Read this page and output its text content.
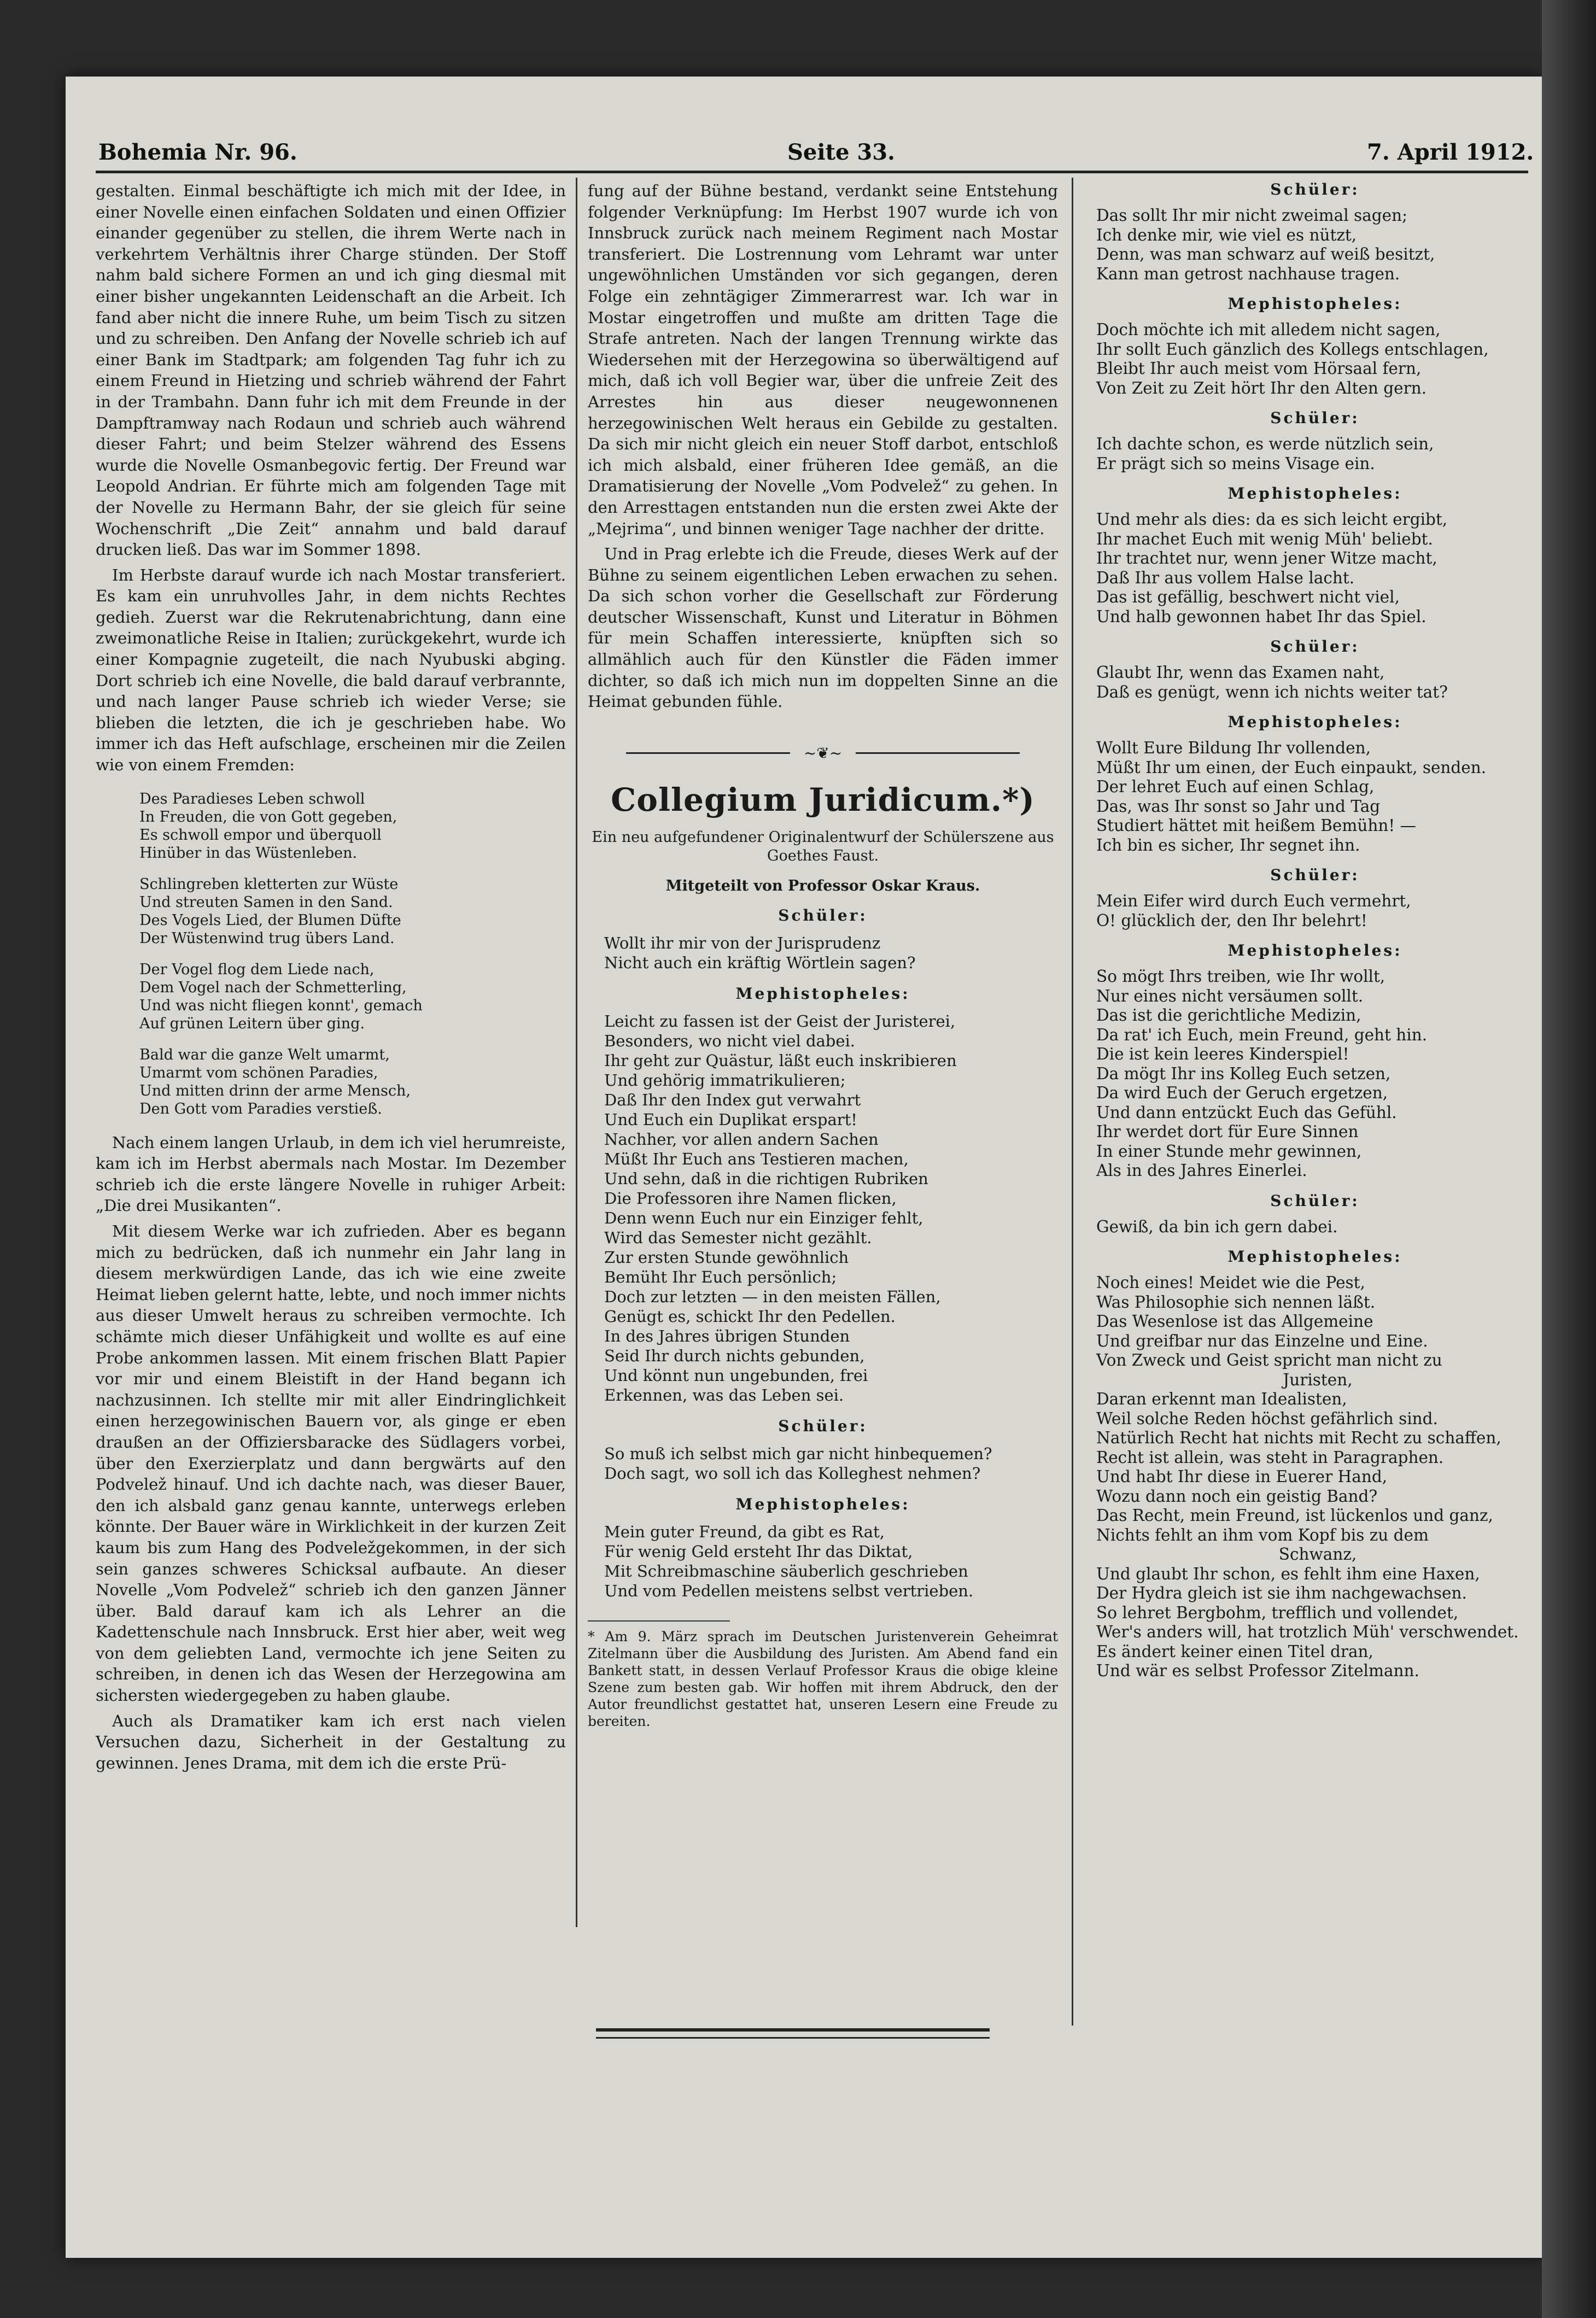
Bohemia Nr. 96.	Seite 33.	7. April 1912.

gestalten. Einmal beschäftigte ich mich mit der Idee, in einer Novelle einen einfachen Soldaten und einen Offizier einander gegenüber zu stellen, die ihrem Werte nach in verkehrtem Verhältnis ihrer Charge stünden. Der Stoff nahm bald sichere Formen an und ich ging diesmal mit einer bisher ungekannten Leidenschaft an die Arbeit. Ich fand aber nicht die innere Ruhe, um beim Tisch zu sitzen und zu schreiben. Den Anfang der Novelle schrieb ich auf einer Bank im Stadtpark; am folgenden Tag fuhr ich zu einem Freund in Hietzing und schrieb während der Fahrt in der Trambahn. Dann fuhr ich mit dem Freunde in der Dampftramway nach Rodaun und schrieb auch während dieser Fahrt; und beim Stelzer während des Essens wurde die Novelle Osmanbegovic fertig. Der Freund war Leopold Andrian. Er führte mich am folgenden Tage mit der Novelle zu Hermann Bahr, der sie gleich für seine Wochenschrift „Die Zeit“ annahm und bald darauf drucken ließ. Das war im Sommer 1898.

Im Herbste darauf wurde ich nach Mostar transferiert. Es kam ein unruhvolles Jahr, in dem nichts Rechtes gedieh. Zuerst war die Rekrutenabrichtung, dann eine zweimonatliche Reise in Italien; zurückgekehrt, wurde ich einer Kompagnie zugeteilt, die nach Nyubuski abging. Dort schrieb ich eine Novelle, die bald darauf verbrannte, und nach langer Pause schrieb ich wieder Verse; sie blieben die letzten, die ich je geschrieben habe. Wo immer ich das Heft aufschlage, erscheinen mir die Zeilen wie von einem Fremden:

Des Paradieses Leben schwoll
In Freuden, die von Gott gegeben,
Es schwoll empor und überquoll
Hinüber in das Wüstenleben.
Schlingreben kletterten zur Wüste
Und streuten Samen in den Sand.
Des Vogels Lied, der Blumen Düfte
Der Wüstenwind trug übers Land.
Der Vogel flog dem Liede nach,
Dem Vogel nach der Schmetterling,
Und was nicht fliegen konnt', gemach
Auf grünen Leitern über ging.
Bald war die ganze Welt umarmt,
Umarmt vom schönen Paradies,
Und mitten drinn der arme Mensch,
Den Gott vom Paradies verstieß.

Nach einem langen Urlaub, in dem ich viel herumreiste, kam ich im Herbst abermals nach Mostar. Im Dezember schrieb ich die erste längere Novelle in ruhiger Arbeit: „Die drei Musikanten“.

Mit diesem Werke war ich zufrieden. Aber es begann mich zu bedrücken, daß ich nunmehr ein Jahr lang in diesem merkwürdigen Lande, das ich wie eine zweite Heimat lieben gelernt hatte, lebte, und noch immer nichts aus dieser Umwelt heraus zu schreiben vermochte. Ich schämte mich dieser Unfähigkeit und wollte es auf eine Probe ankommen lassen. Mit einem frischen Blatt Papier vor mir und einem Bleistift in der Hand begann ich nachzusinnen. Ich stellte mir mit aller Eindringlichkeit einen herzegowinischen Bauern vor, als ginge er eben draußen an der Offiziersbaracke des Südlagers vorbei, über den Exerzierplatz und dann bergwärts auf den Podvelež hinauf. Und ich dachte nach, was dieser Bauer, den ich alsbald ganz genau kannte, unterwegs erleben könnte. Der Bauer wäre in Wirklichkeit in der kurzen Zeit kaum bis zum Hang des Podveležgekommen, in der sich sein ganzes schweres Schicksal aufbaute. An dieser Novelle „Vom Podvelež“ schrieb ich den ganzen Jänner über. Bald darauf kam ich als Lehrer an die Kadettenschule nach Innsbruck. Erst hier aber, weit weg von dem geliebten Land, vermochte ich jene Seiten zu schreiben, in denen ich das Wesen der Herzegowina am sichersten wiedergegeben zu haben glaube.

Auch als Dramatiker kam ich erst nach vielen Versuchen dazu, Sicherheit in der Gestaltung zu gewinnen. Jenes Drama, mit dem ich die erste Prü-

fung auf der Bühne bestand, verdankt seine Entstehung folgender Verknüpfung: Im Herbst 1907 wurde ich von Innsbruck zurück nach meinem Regiment nach Mostar transferiert. Die Lostrennung vom Lehramt war unter ungewöhnlichen Umständen vor sich gegangen, deren Folge ein zehntägiger Zimmerarrest war. Ich war in Mostar eingetroffen und mußte am dritten Tage die Strafe antreten. Nach der langen Trennung wirkte das Wiedersehen mit der Herzegowina so überwältigend auf mich, daß ich voll Begier war, über die unfreie Zeit des Arrestes hin aus dieser neugewonnenen herzegowinischen Welt heraus ein Gebilde zu gestalten. Da sich mir nicht gleich ein neuer Stoff darbot, entschloß ich mich alsbald, einer früheren Idee gemäß, an die Dramatisierung der Novelle „Vom Podvelež“ zu gehen. In den Arresttagen entstanden nun die ersten zwei Akte der „Mejrima“, und binnen weniger Tage nachher der dritte.

Und in Prag erlebte ich die Freude, dieses Werk auf der Bühne zu seinem eigentlichen Leben erwachen zu sehen. Da sich schon vorher die Gesellschaft zur Förderung deutscher Wissenschaft, Kunst und Literatur in Böhmen für mein Schaffen interessierte, knüpften sich so allmählich auch für den Künstler die Fäden immer dichter, so daß ich mich nun im doppelten Sinne an die Heimat gebunden fühle.

~❦~
Collegium Juridicum.*)

Ein neu aufgefundener Originalentwurf der Schülerszene aus Goethes Faust.

Mitgeteilt von Professor Oskar Kraus.
Schüler:
Wollt ihr mir von der Jurisprudenz
Nicht auch ein kräftig Wörtlein sagen?
Mephistopheles:
Leicht zu fassen ist der Geist der Juristerei,
Besonders, wo nicht viel dabei.
Ihr geht zur Quästur, läßt euch inskribieren
Und gehörig immatrikulieren;
Daß Ihr den Index gut verwahrt
Und Euch ein Duplikat erspart!
Nachher, vor allen andern Sachen
Müßt Ihr Euch ans Testieren machen,
Und sehn, daß in die richtigen Rubriken
Die Professoren ihre Namen flicken,
Denn wenn Euch nur ein Einziger fehlt,
Wird das Semester nicht gezählt.
Zur ersten Stunde gewöhnlich
Bemüht Ihr Euch persönlich;
Doch zur letzten — in den meisten Fällen,
Genügt es, schickt Ihr den Pedellen.
In des Jahres übrigen Stunden
Seid Ihr durch nichts gebunden,
Und könnt nun ungebunden, frei
Erkennen, was das Leben sei.
Schüler:
So muß ich selbst mich gar nicht hinbequemen?
Doch sagt, wo soll ich das Kolleghest nehmen?
Mephistopheles:
Mein guter Freund, da gibt es Rat,
Für wenig Geld ersteht Ihr das Diktat,
Mit Schreibmaschine säuberlich geschrieben
Und vom Pedellen meistens selbst vertrieben.

* Am 9. März sprach im Deutschen Juristenverein Geheimrat Zitelmann über die Ausbildung des Juristen. Am Abend fand ein Bankett statt, in dessen Verlauf Professor Kraus die obige kleine Szene zum besten gab. Wir hoffen mit ihrem Abdruck, den der Autor freundlichst gestattet hat, unseren Lesern eine Freude zu bereiten.

Schüler:
Das sollt Ihr mir nicht zweimal sagen;
Ich denke mir, wie viel es nützt,
Denn, was man schwarz auf weiß besitzt,
Kann man getrost nachhause tragen.
Mephistopheles:
Doch möchte ich mit alledem nicht sagen,
Ihr sollt Euch gänzlich des Kollegs entschlagen,
Bleibt Ihr auch meist vom Hörsaal fern,
Von Zeit zu Zeit hört Ihr den Alten gern.
Schüler:
Ich dachte schon, es werde nützlich sein,
Er prägt sich so meins Visage ein.
Mephistopheles:
Und mehr als dies: da es sich leicht ergibt,
Ihr machet Euch mit wenig Müh' beliebt.
Ihr trachtet nur, wenn jener Witze macht,
Daß Ihr aus vollem Halse lacht.
Das ist gefällig, beschwert nicht viel,
Und halb gewonnen habet Ihr das Spiel.
Schüler:
Glaubt Ihr, wenn das Examen naht,
Daß es genügt, wenn ich nichts weiter tat?
Mephistopheles:
Wollt Eure Bildung Ihr vollenden,
Müßt Ihr um einen, der Euch einpaukt, senden.
Der lehret Euch auf einen Schlag,
Das, was Ihr sonst so Jahr und Tag
Studiert hättet mit heißem Bemühn! —
Ich bin es sicher, Ihr segnet ihn.
Schüler:
Mein Eifer wird durch Euch vermehrt,
O! glücklich der, den Ihr belehrt!
Mephistopheles:
So mögt Ihrs treiben, wie Ihr wollt,
Nur eines nicht versäumen sollt.
Das ist die gerichtliche Medizin,
Da rat' ich Euch, mein Freund, geht hin.
Die ist kein leeres Kinderspiel!
Da mögt Ihr ins Kolleg Euch setzen,
Da wird Euch der Geruch ergetzen,
Und dann entzückt Euch das Gefühl.
Ihr werdet dort für Eure Sinnen
In einer Stunde mehr gewinnen,
Als in des Jahres Einerlei.
Schüler:
Gewiß, da bin ich gern dabei.
Mephistopheles:
Noch eines! Meidet wie die Pest,
Was Philosophie sich nennen läßt.
Das Wesenlose ist das Allgemeine
Und greifbar nur das Einzelne und Eine.
Von Zweck und Geist spricht man nicht zu
Juristen,
Daran erkennt man Idealisten,
Weil solche Reden höchst gefährlich sind.
Natürlich Recht hat nichts mit Recht zu schaffen,
Recht ist allein, was steht in Paragraphen.
Und habt Ihr diese in Euerer Hand,
Wozu dann noch ein geistig Band?
Das Recht, mein Freund, ist lückenlos und ganz,
Nichts fehlt an ihm vom Kopf bis zu dem
Schwanz,
Und glaubt Ihr schon, es fehlt ihm eine Haxen,
Der Hydra gleich ist sie ihm nachgewachsen.
So lehret Bergbohm, trefflich und vollendet,
Wer's anders will, hat trotzlich Müh' verschwendet.
Es ändert keiner einen Titel dran,
Und wär es selbst Professor Zitelmann.
